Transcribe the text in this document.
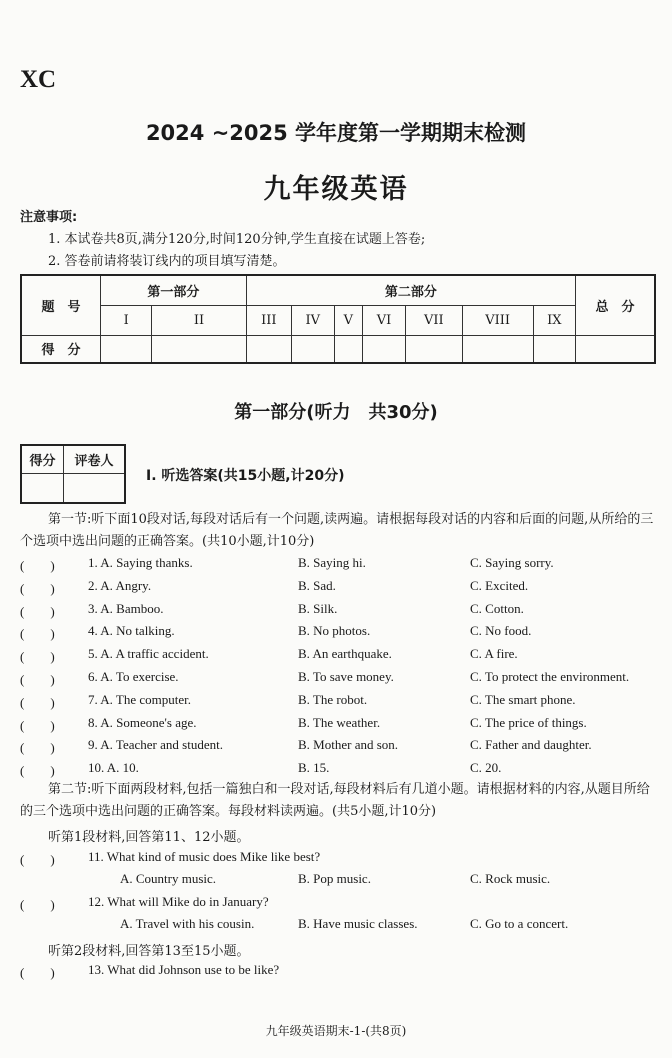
XC
2024 ~2025 学年度第一学期期末检测
九年级英语
注意事项:
1. 本试卷共8页,满分120分,时间120分钟,学生直接在试题上答卷;
2. 答卷前请将装订线内的项目填写清楚。
题　号	第一部分		第二部分							总　分
	I	II	III	IV	V	VI	VII	VIII	IX	
得　分										
第一部分(听力　共30分)
得分	评卷人

I. 听选答案(共15小题,计20分)
第一节:听下面10段对话,每段对话后有一个问题,读两遍。请根据每段对话的内容和后面的问题,从所给的三个选项中选出问题的正确答案。(共10小题,计10分)
(　　)	1. A. Saying thanks.	B. Saying hi.	C. Saying sorry.
(　　)	2. A. Angry.	B. Sad.	C. Excited.
(　　)	3. A. Bamboo.	B. Silk.	C. Cotton.
(　　)	4. A. No talking.	B. No photos.	C. No food.
(　　)	5. A. A traffic accident.	B. An earthquake.	C. A fire.
(　　)	6. A. To exercise.	B. To save money.	C. To protect the environment.
(　　)	7. A. The computer.	B. The robot.	C. The smart phone.
(　　)	8. A. Someone's age.	B. The weather.	C. The price of things.
(　　)	9. A. Teacher and student.	B. Mother and son.	C. Father and daughter.
(　　)	10. A. 10.	B. 15.	C. 20.
第二节:听下面两段材料,包括一篇独白和一段对话,每段材料后有几道小题。请根据材料的内容,从题目所给的三个选项中选出问题的正确答案。每段材料读两遍。(共5小题,计10分)
听第1段材料,回答第11、12小题。
(　　)	11. What kind of music does Mike like best?
A. Country music.	B. Pop music.	C. Rock music.
(　　)	12. What will Mike do in January?
A. Travel with his cousin.	B. Have music classes.	C. Go to a concert.
听第2段材料,回答第13至15小题。
(　　)	13. What did Johnson use to be like?
九年级英语期末-1-(共8页)
